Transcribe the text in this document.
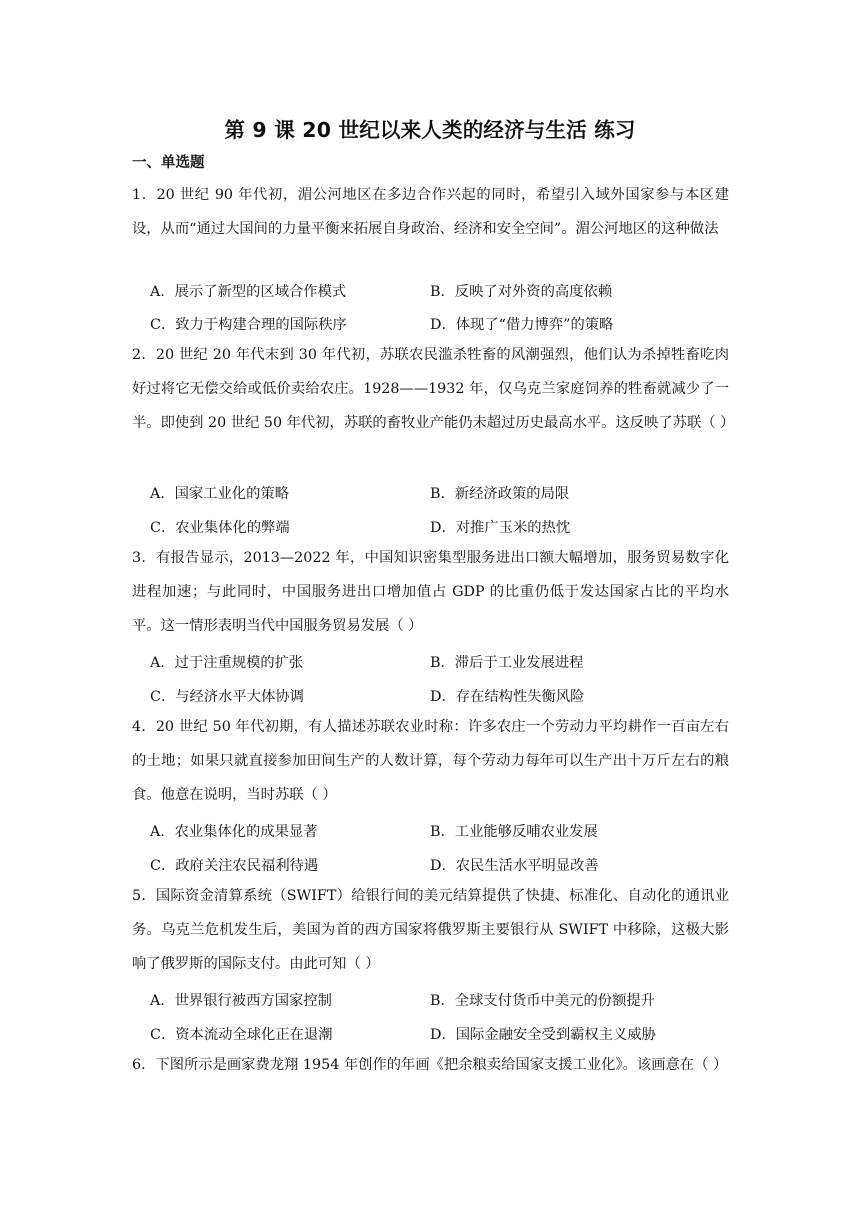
第 9 课 20 世纪以来人类的经济与生活 练习
一、单选题
1．20 世纪 90 年代初，湄公河地区在多边合作兴起的同时，希望引入域外国家参与本区建设，从而“通过大国间的力量平衡来拓展自身政治、经济和安全空间”。湄公河地区的这种做法
A．展示了新型的区域合作模式	B．反映了对外资的高度依赖
C．致力于构建合理的国际秩序	D．体现了“借力博弈”的策略
2．20 世纪 20 年代末到 30 年代初，苏联农民滥杀牲畜的风潮强烈，他们认为杀掉牲畜吃肉好过将它无偿交给或低价卖给农庄。1928——1932 年，仅乌克兰家庭饲养的牲畜就减少了一半。即使到 20 世纪 50 年代初，苏联的畜牧业产能仍未超过历史最高水平。这反映了苏联（ ）
A．国家工业化的策略	B．新经济政策的局限
C．农业集体化的弊端	D．对推广玉米的热忱
3．有报告显示，2013—2022 年，中国知识密集型服务进出口额大幅增加，服务贸易数字化进程加速；与此同时，中国服务进出口增加值占 GDP 的比重仍低于发达国家占比的平均水平。这一情形表明当代中国服务贸易发展（ ）
A．过于注重规模的扩张	B．滞后于工业发展进程
C．与经济水平大体协调	D．存在结构性失衡风险
4．20 世纪 50 年代初期，有人描述苏联农业时称：许多农庄一个劳动力平均耕作一百亩左右的土地；如果只就直接参加田间生产的人数计算，每个劳动力每年可以生产出十万斤左右的粮食。他意在说明，当时苏联（ ）
A．农业集体化的成果显著	B．工业能够反哺农业发展
C．政府关注农民福利待遇	D．农民生活水平明显改善
5．国际资金清算系统（SWIFT）给银行间的美元结算提供了快捷、标准化、自动化的通讯业务。乌克兰危机发生后，美国为首的西方国家将俄罗斯主要银行从 SWIFT 中移除，这极大影响了俄罗斯的国际支付。由此可知（ ）
A．世界银行被西方国家控制	B．全球支付货币中美元的份额提升
C．资本流动全球化正在退潮	D．国际金融安全受到霸权主义威胁
6．下图所示是画家费龙翔 1954 年创作的年画《把余粮卖给国家支援工业化》。该画意在（ ）
